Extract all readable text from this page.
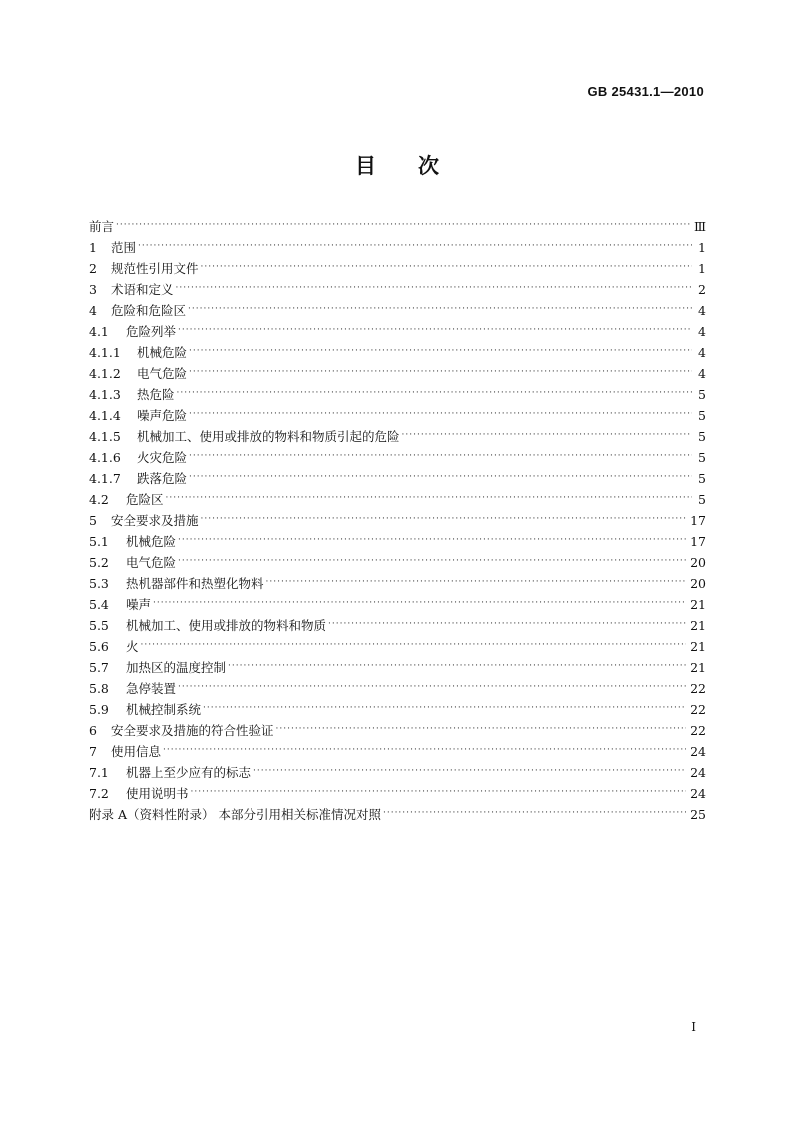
GB 25431.1—2010
目 次
前言 ·····	Ⅲ
1	范围 ·····	1
2	规范性引用文件 ·····	1
3	术语和定义 ·····	2
4	危险和危险区 ·····	4
4.1	危险列举 ·····	4
4.1.1	机械危险 ·····	4
4.1.2	电气危险 ·····	4
4.1.3	热危险 ·····	5
4.1.4	噪声危险 ·····	5
4.1.5	机械加工、使用或排放的物料和物质引起的危险 ·····	5
4.1.6	火灾危险 ·····	5
4.1.7	跌落危险 ·····	5
4.2	危险区 ·····	5
5	安全要求及措施 ·····	17
5.1	机械危险 ·····	17
5.2	电气危险 ·····	20
5.3	热机器部件和热塑化物料 ·····	20
5.4	噪声 ·····	21
5.5	机械加工、使用或排放的物料和物质 ·····	21
5.6	火 ·····	21
5.7	加热区的温度控制 ·····	21
5.8	急停装置 ·····	22
5.9	机械控制系统 ·····	22
6	安全要求及措施的符合性验证 ·····	22
7	使用信息 ·····	24
7.1	机器上至少应有的标志 ·····	24
7.2	使用说明书 ·····	24
附录 A（资料性附录） 本部分引用相关标准情况对照 ·····	25
I
